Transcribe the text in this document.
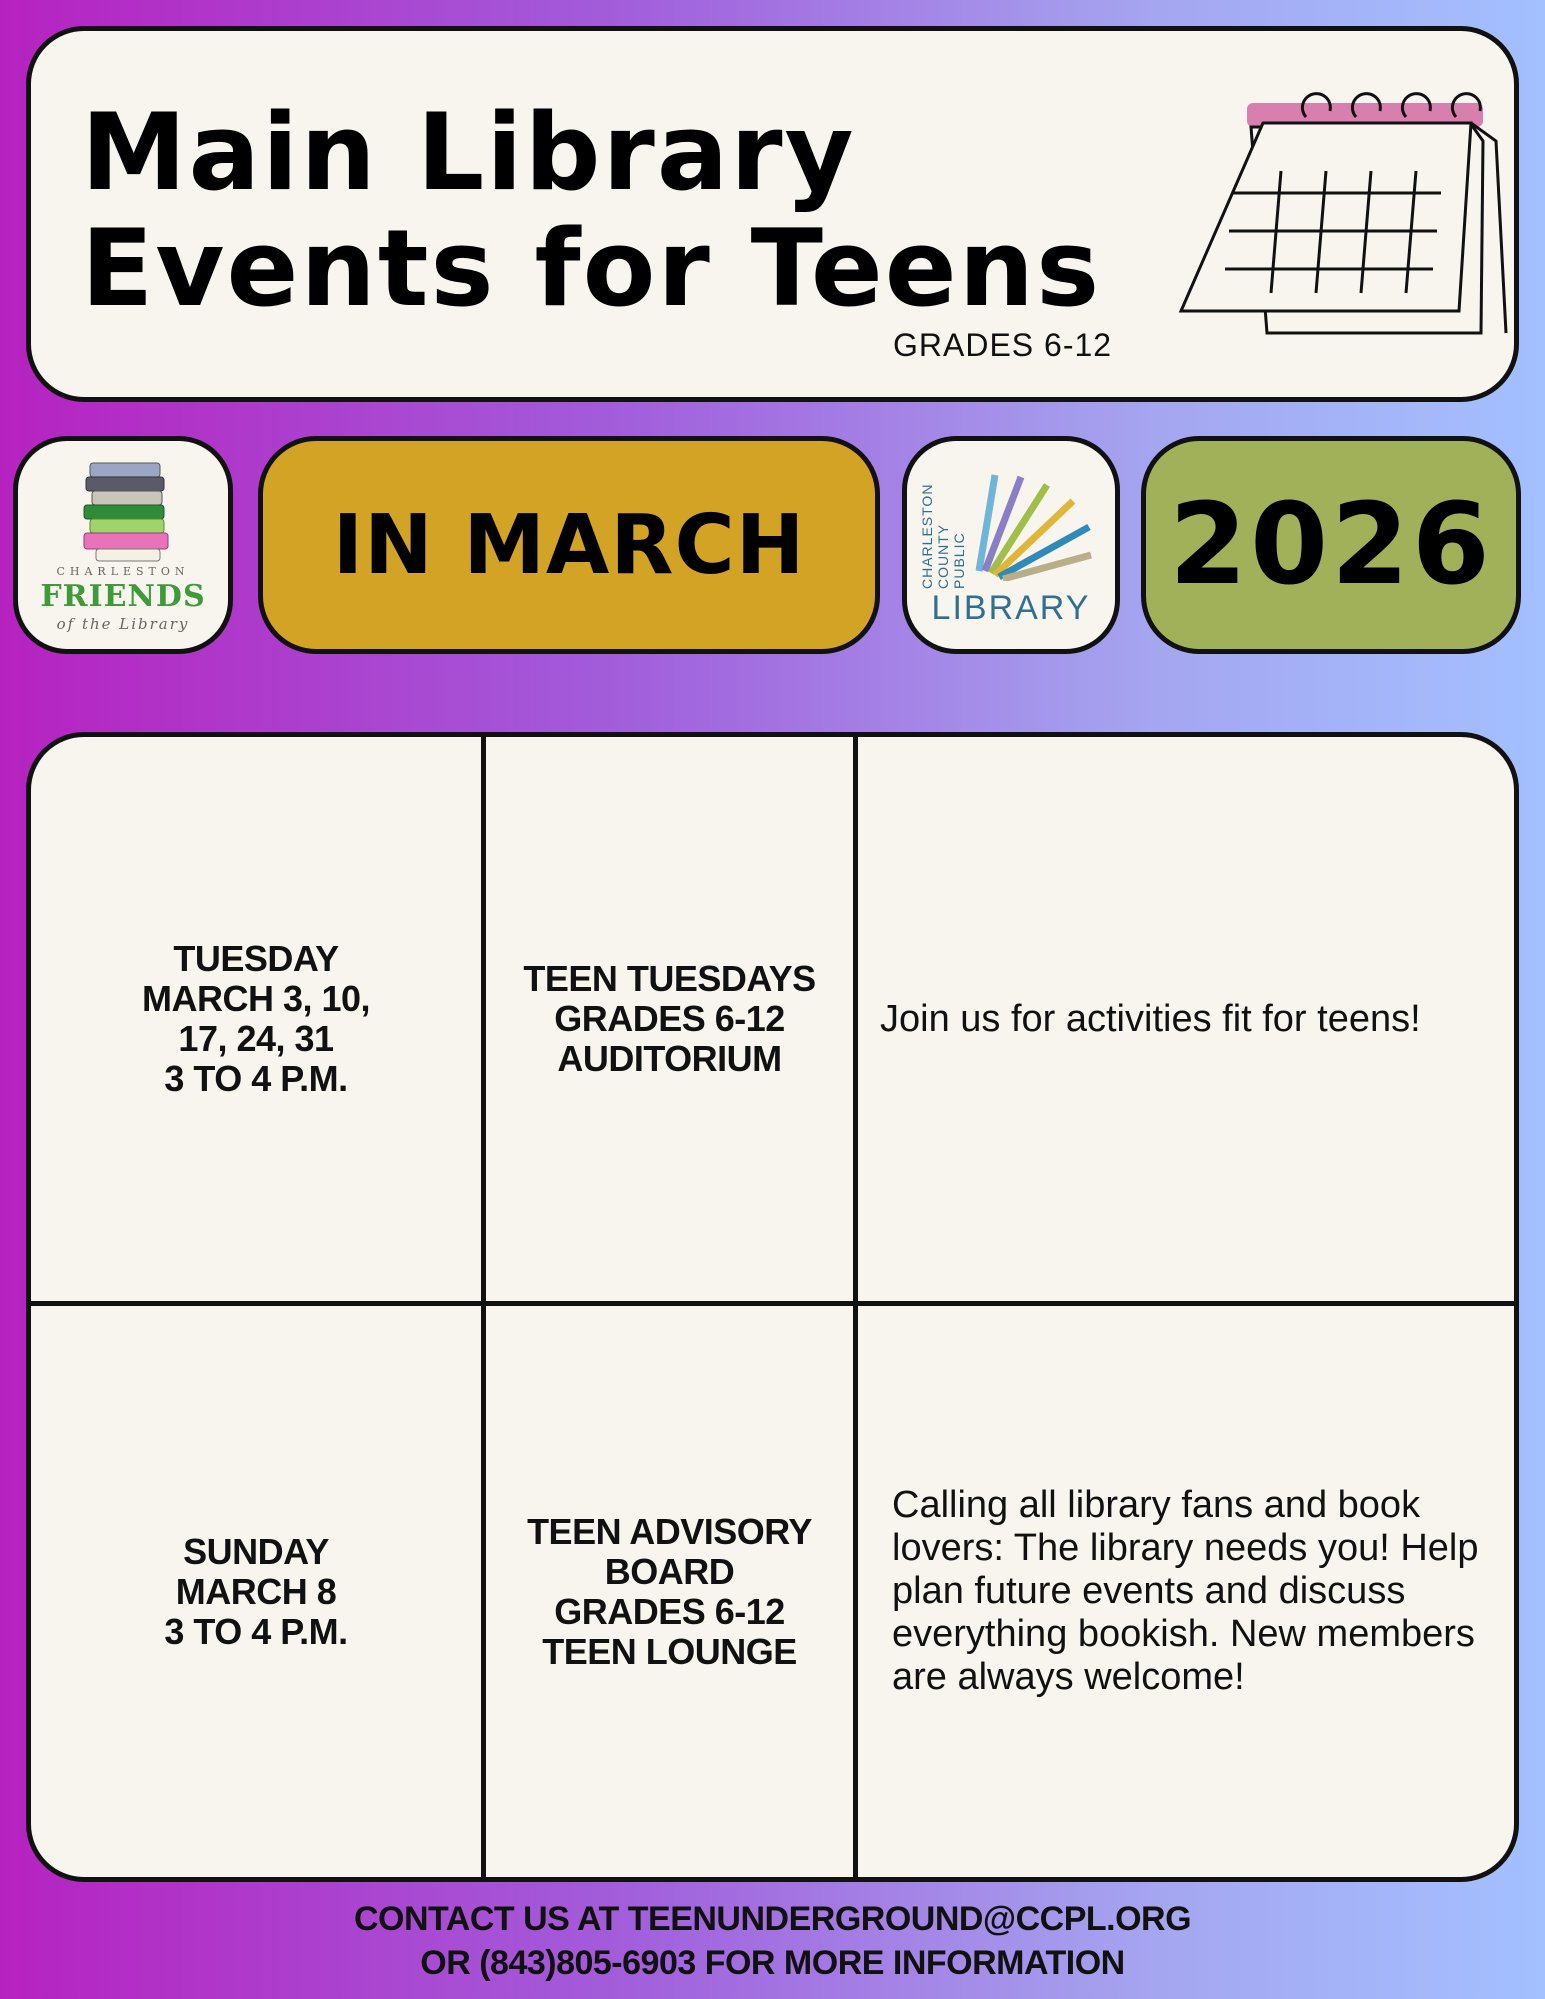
Main Library
Events for Teens
GRADES 6-12
CHARLESTON
FRIENDS
of the Library
IN MARCH	CHARLESTON COUNTY PUBLIC
LIBRARY 2026
TUESDAY
MARCH 3, 10,
17, 24, 31
3 TO 4 P.M.
TEEN TUESDAYS
GRADES 6-12
AUDITORIUM
Join us for activities fit for teens!
SUNDAY
MARCH 8
3 TO 4 P.M.
TEEN ADVISORY
BOARD
GRADES 6-12
TEEN LOUNGE
Calling all library fans and book lovers: The library needs you! Help plan future events and discuss everything bookish. New members are always welcome!
CONTACT US AT TEENUNDERGROUND@CCPL.ORG
OR (843)805-6903 FOR MORE INFORMATION
